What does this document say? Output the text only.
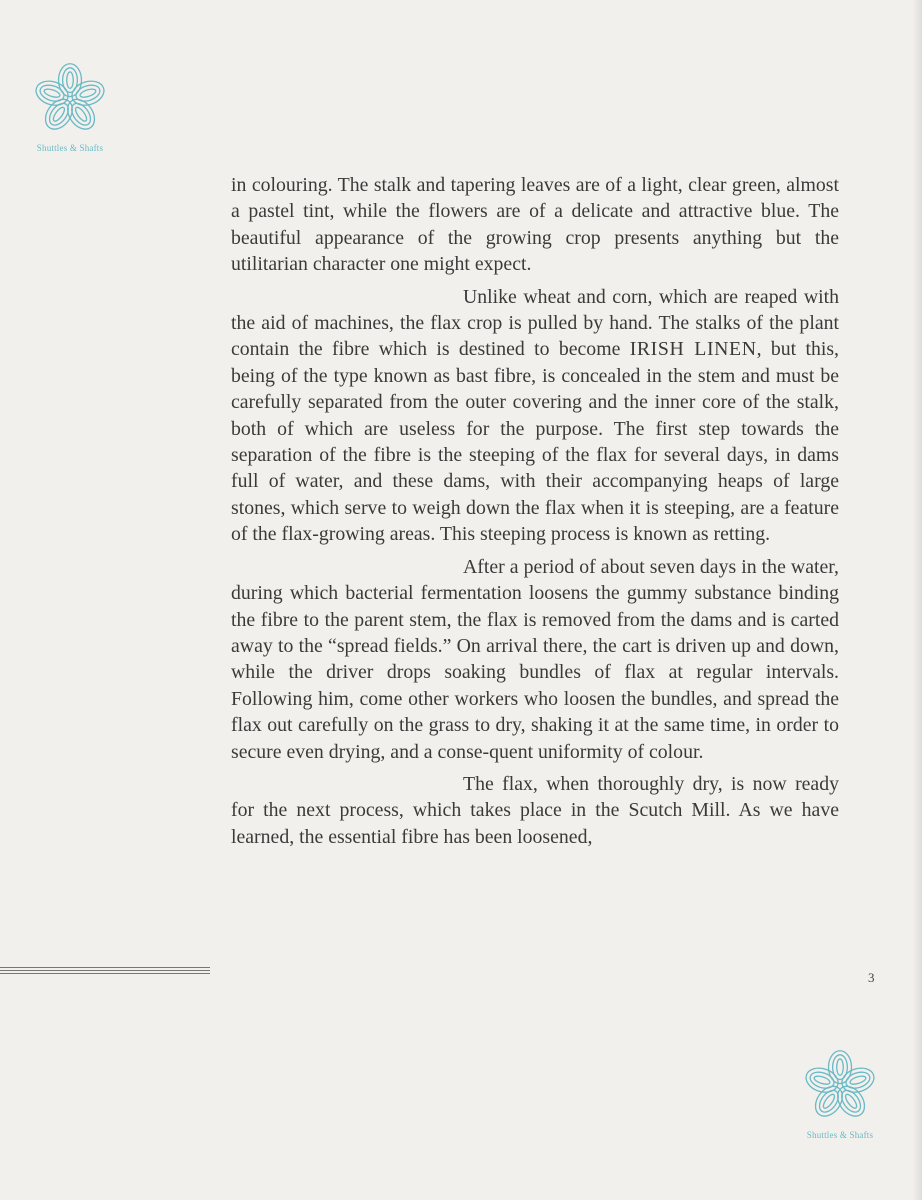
Shuttles & Shafts

in colouring. The stalk and tapering leaves are of a light, clear green, almost a pastel tint, while the flowers are of a delicate and attractive blue. The beautiful appearance of the growing crop presents anything but the utilitarian character one might expect.

Unlike wheat and corn, which are reaped with the aid of machines, the flax crop is pulled by hand. The stalks of the plant contain the fibre which is destined to become IRISH LINEN, but this, being of the type known as bast fibre, is concealed in the stem and must be carefully separated from the outer covering and the inner core of the stalk, both of which are useless for the purpose. The first step towards the separation of the fibre is the steeping of the flax for several days, in dams full of water, and these dams, with their accompanying heaps of large stones, which serve to weigh down the flax when it is steeping, are a feature of the flax-growing areas. This steeping process is known as retting.

After a period of about seven days in the water, during which bacterial fermentation loosens the gummy substance binding the fibre to the parent stem, the flax is removed from the dams and is carted away to the “spread fields.” On arrival there, the cart is driven up and down, while the driver drops soaking bundles of flax at regular intervals. Following him, come other workers who loosen the bundles, and spread the flax out carefully on the grass to dry, shaking it at the same time, in order to secure even drying, and a conse-quent uniformity of colour.

The flax, when thoroughly dry, is now ready for the next process, which takes place in the Scutch Mill. As we have learned, the essential fibre has been loosened,

3
Shuttles & Shafts
